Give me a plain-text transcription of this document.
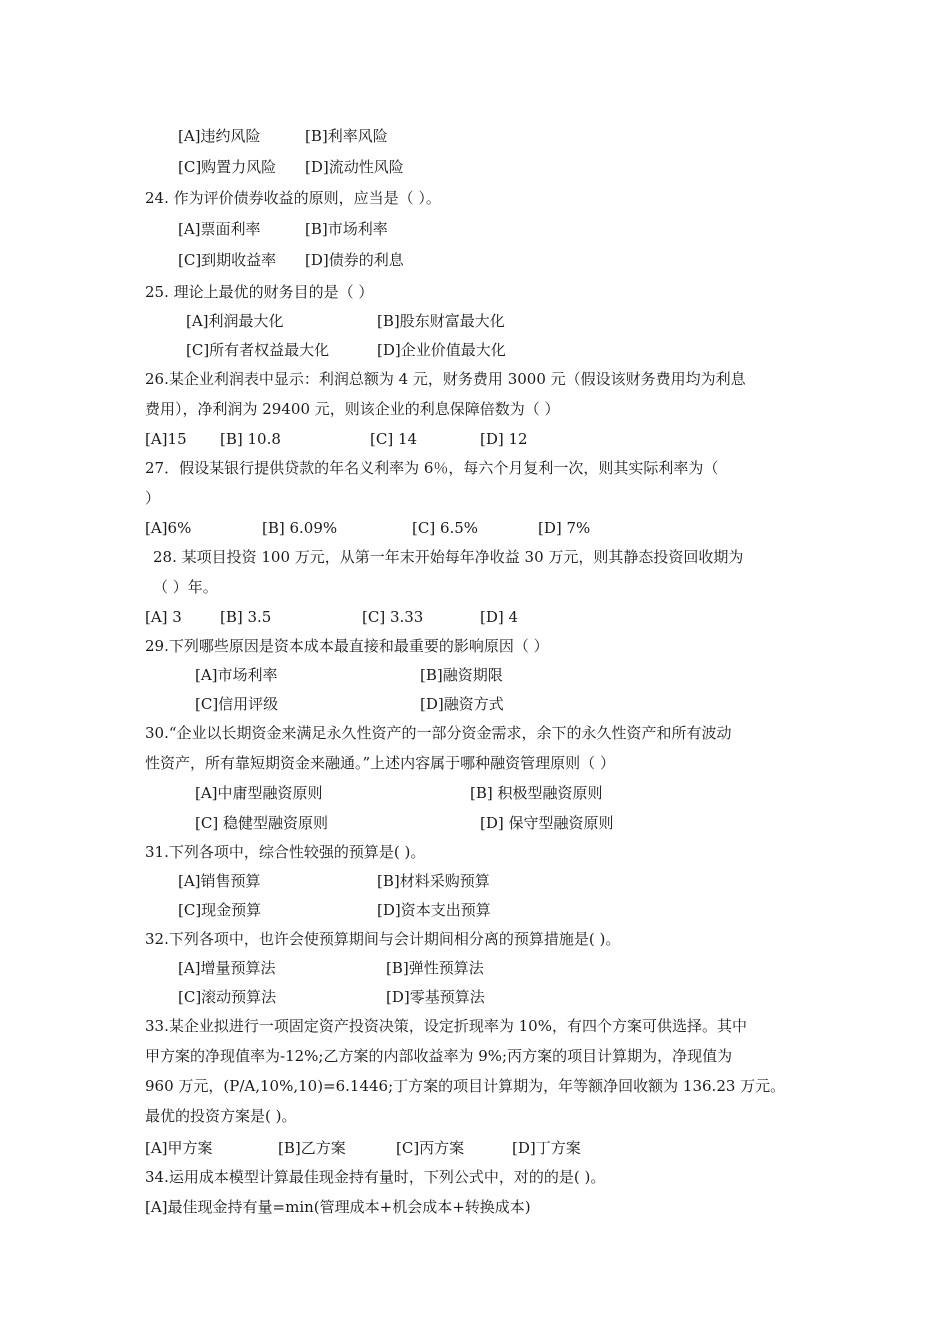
[A]违约风险	[B]利率风险
[C]购置力风险 [D]流动性风险
24. 作为评价债券收益的原则，应当是（ ）。
[A]票面利率	[B]市场利率
[C]到期收益率 [D]债券的利息
25. 理论上最优的财务目的是（ ）
[A]利润最大化	[B]股东财富最大化
[C]所有者权益最大化	[D]企业价值最大化
26.某企业利润表中显示：利润总额为 4 元，财务费用 3000 元（假设该财务费用均为利息
费用），净利润为 29400 元，则该企业的利息保障倍数为（ ）
[A]15 [B] 10.8	[C] 14	[D] 12
27．假设某银行提供贷款的年名义利率为 6％，每六个月复利一次，则其实际利率为（
）
[A]6%	[B] 6.09%	[C] 6.5%	[D] 7%
28. 某项目投资 100 万元，从第一年末开始每年净收益 30 万元，则其静态投资回收期为
（ ）年。
[A] 3	[B] 3.5	[C] 3.33	[D] 4
29.下列哪些原因是资本成本最直接和最重要的影响原因（ ）
[A]市场利率	[B]融资期限
[C]信用评级	[D]融资方式
30.“企业以长期资金来满足永久性资产的一部分资金需求，余下的永久性资产和所有波动
性资产，所有靠短期资金来融通。”上述内容属于哪种融资管理原则（ ）
[A]中庸型融资原则	[B] 积极型融资原则
[C] 稳健型融资原则	[D] 保守型融资原则
31.下列各项中，综合性较强的预算是( )。
[A]销售预算	[B]材料采购预算
[C]现金预算	[D]资本支出预算
32.下列各项中，也许会使预算期间与会计期间相分离的预算措施是( )。
[A]增量预算法	[B]弹性预算法
[C]滚动预算法	[D]零基预算法
33.某企业拟进行一项固定资产投资决策，设定折现率为 10%，有四个方案可供选择。其中
甲方案的净现值率为-12%;乙方案的内部收益率为 9%;丙方案的项目计算期为，净现值为
960 万元，(P/A,10%,10)=6.1446;丁方案的项目计算期为，年等额净回收额为 136.23 万元。
最优的投资方案是( )。
[A]甲方案	[B]乙方案	[C]丙方案	[D]丁方案
34.运用成本模型计算最佳现金持有量时，下列公式中，对的的是( )。
[A]最佳现金持有量=min(管理成本+机会成本+转换成本)
